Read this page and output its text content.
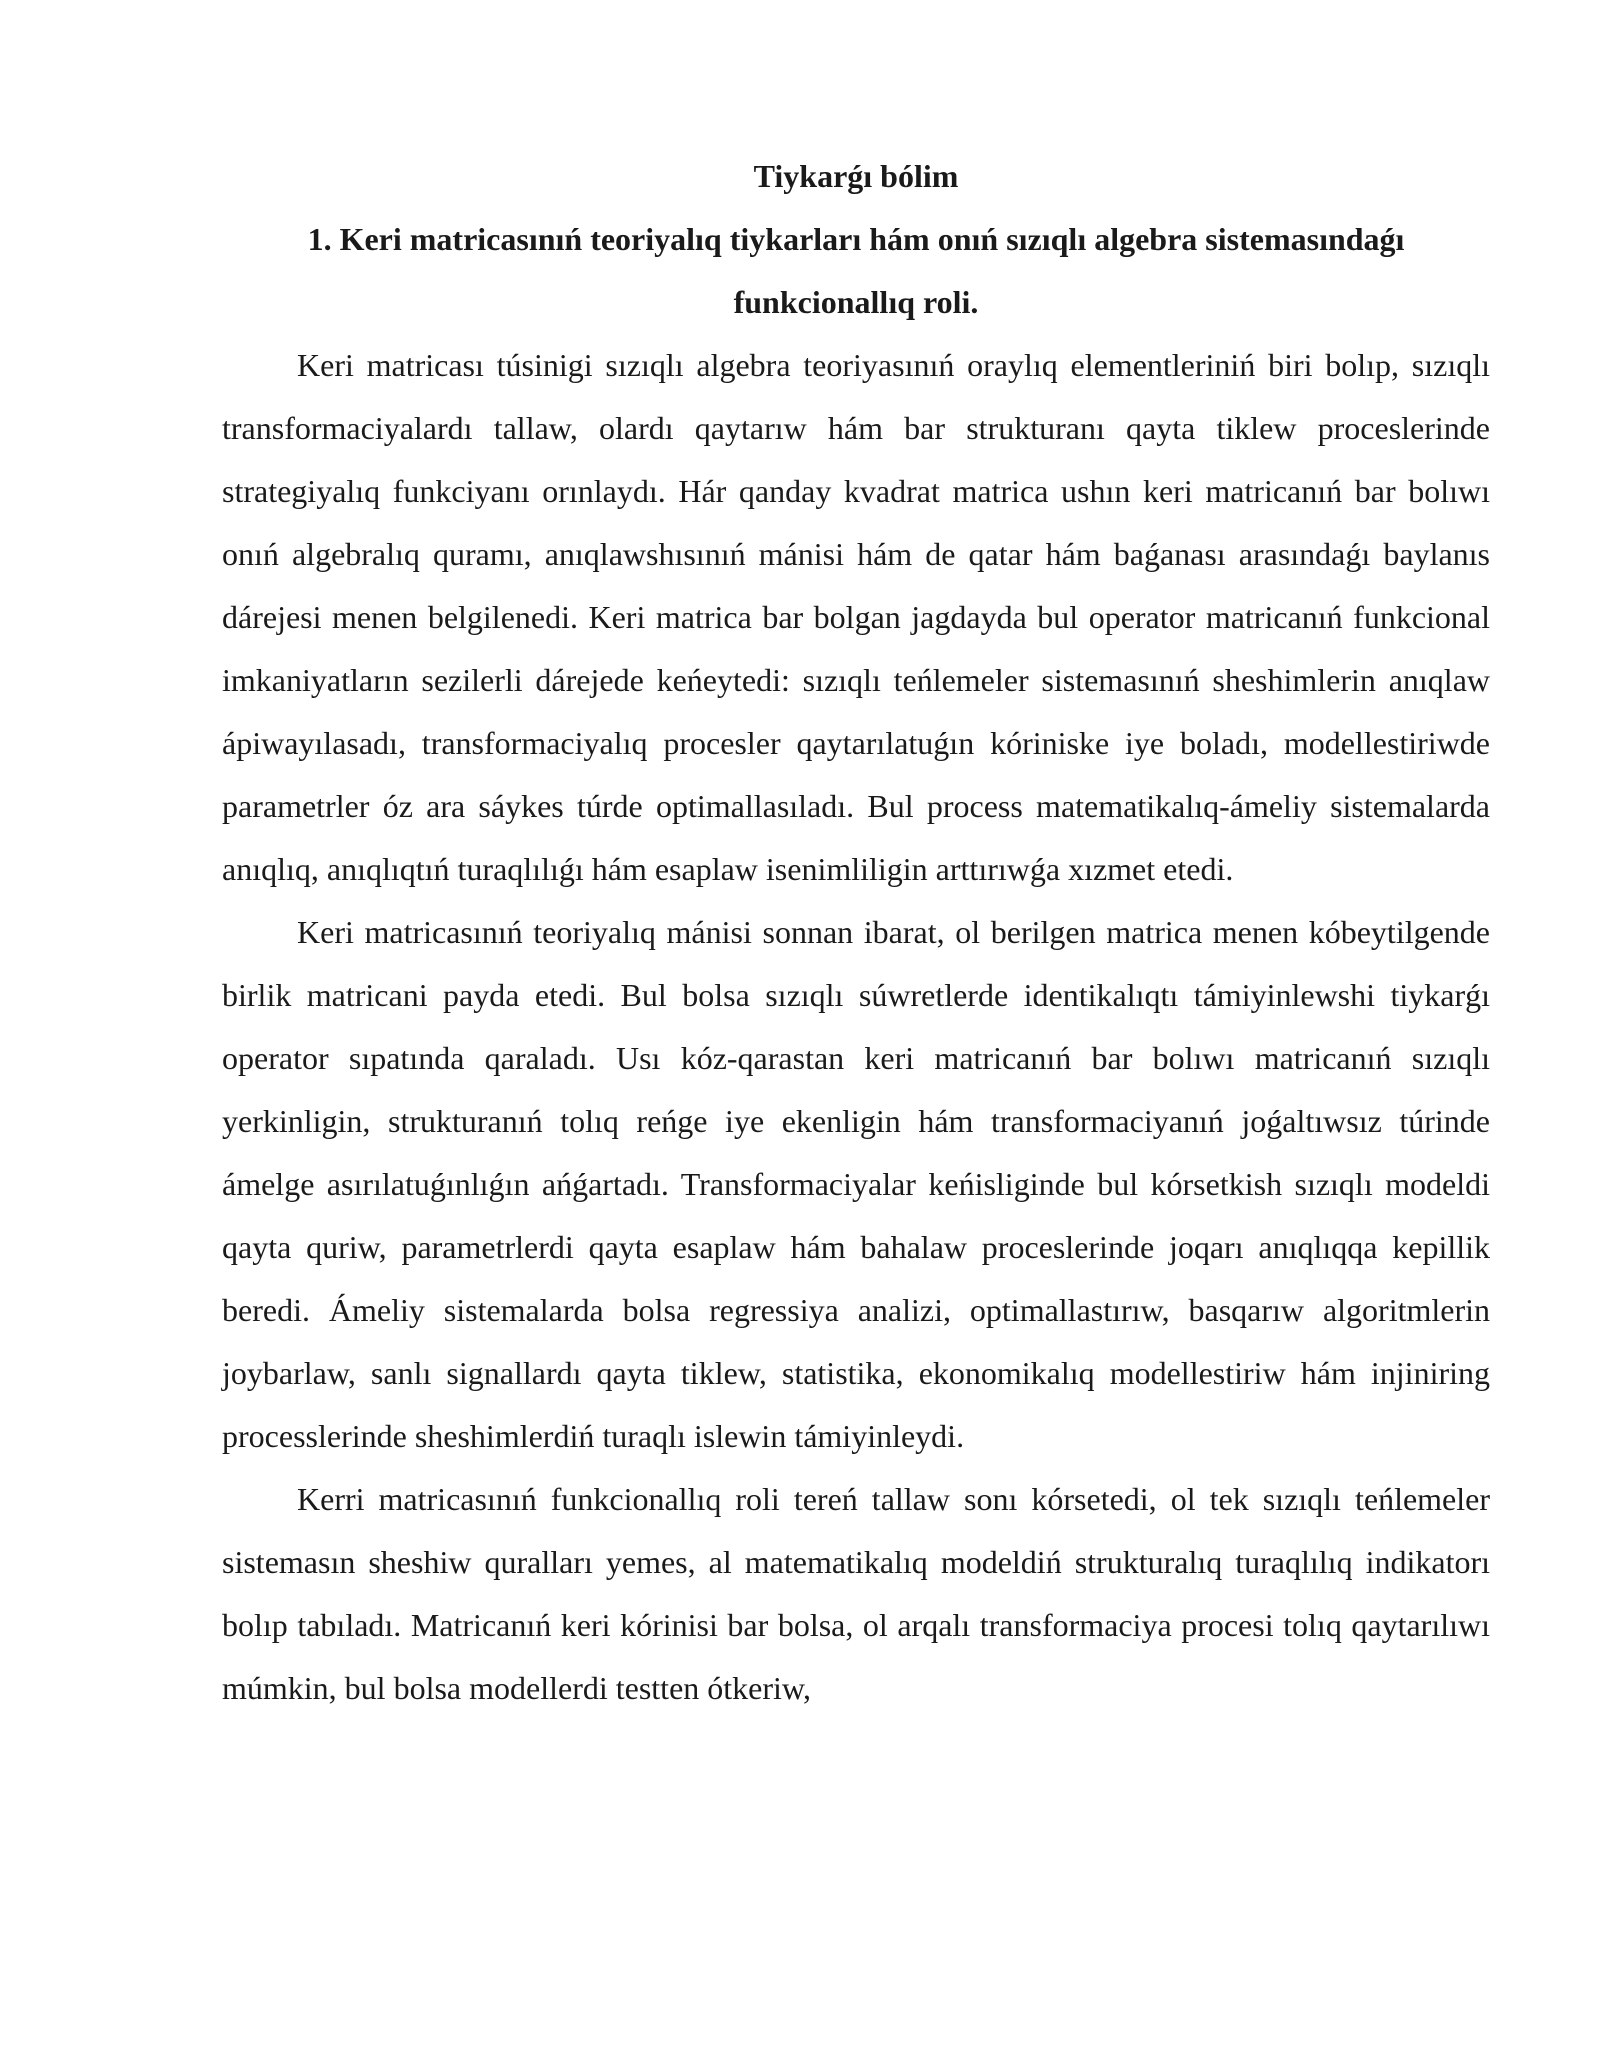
Tiykarǵı bólim

1. Keri matricasınıń teoriyalıq tiykarları hám onıń sızıqlı algebra sistemasındaǵı funkcionallıq roli.

Keri matricası túsinigi sızıqlı algebra teoriyasınıń oraylıq elementleriniń biri bolıp, sızıqlı transformaciyalardı tallaw, olardı qaytarıw hám bar strukturanı qayta tiklew proceslerinde strategiyalıq funkciyanı orınlaydı. Hár qanday kvadrat matrica ushın keri matricanıń bar bolıwı onıń algebralıq quramı, anıqlawshısınıń mánisi hám de qatar hám baǵanası arasındaǵı baylanıs dárejesi menen belgilenedi. Keri matrica bar bolgan jagdayda bul operator matricanıń funkcional imkaniyatların sezilerli dárejede keńeytedi: sızıqlı teńlemeler sistemasınıń sheshimlerin anıqlaw ápiwayılasadı, transformaciyalıq procesler qaytarılatuǵın kóriniske iye boladı, modellestiriwde parametrler óz ara sáykes túrde optimallasıladı. Bul process matematikalıq-ámeliy sistemalarda anıqlıq, anıqlıqtıń turaqlılıǵı hám esaplaw isenimliligin arttırıwǵa xızmet etedi.

Keri matricasınıń teoriyalıq mánisi sonnan ibarat, ol berilgen matrica menen kóbeytilgende birlik matricani payda etedi. Bul bolsa sızıqlı súwretlerde identikalıqtı támiyinlewshi tiykarǵı operator sıpatında qaraladı. Usı kóz-qarastan keri matricanıń bar bolıwı matricanıń sızıqlı yerkinligin, strukturanıń tolıq reńge iye ekenligin hám transformaciyanıń joǵaltıwsız túrinde ámelge asırılatuǵınlıǵın ańǵartadı. Transformaciyalar keńisliginde bul kórsetkish sızıqlı modeldi qayta quriw, parametrlerdi qayta esaplaw hám bahalaw proceslerinde joqarı anıqlıqqa kepillik beredi. Ámeliy sistemalarda bolsa regressiya analizi, optimallastırıw, basqarıw algoritmlerin joybarlaw, sanlı signallardı qayta tiklew, statistika, ekonomikalıq modellestiriw hám injiniring processlerinde sheshimlerdiń turaqlı islewin támiyinleydi.

Kerri matricasınıń funkcionallıq roli tereń tallaw sonı kórsetedi, ol tek sızıqlı teńlemeler sistemasın sheshiw quralları yemes, al matematikalıq modeldiń strukturalıq turaqlılıq indikatorı bolıp tabıladı. Matricanıń keri kórinisi bar bolsa, ol arqalı transformaciya procesi tolıq qaytarılıwı múmkin, bul bolsa modellerdi testten ótkeriw,
